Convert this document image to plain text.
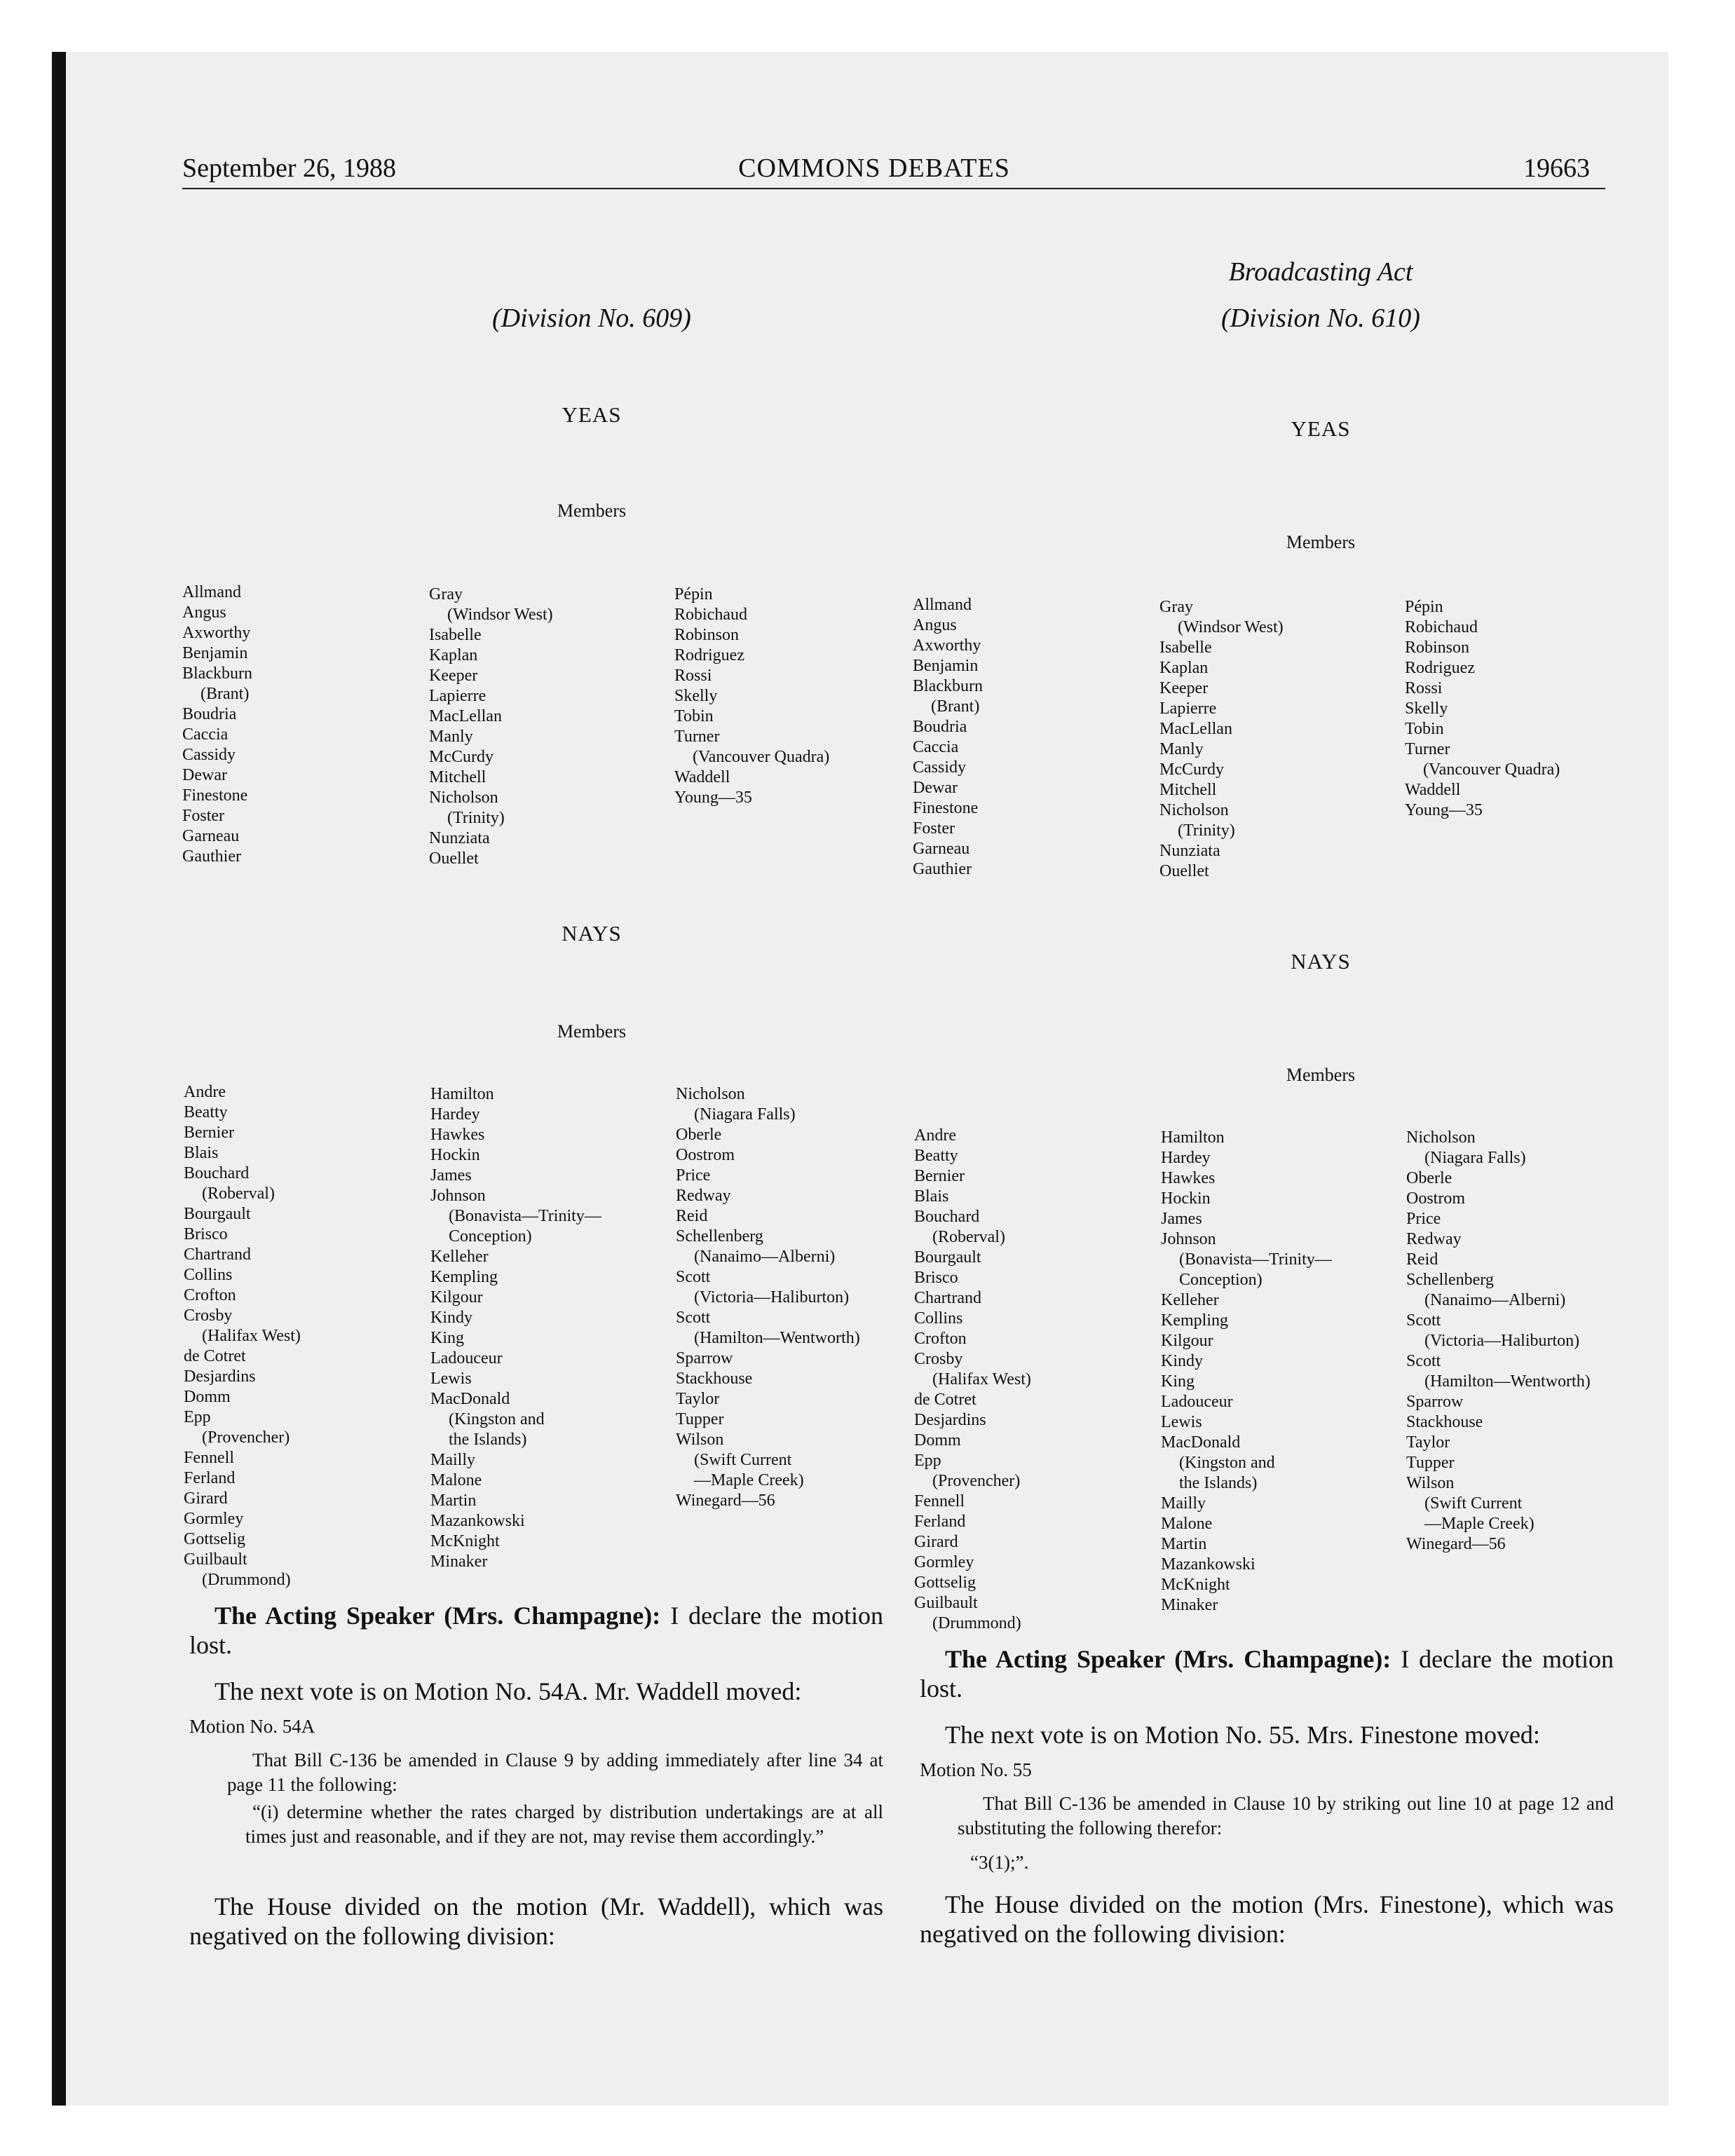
September 26, 1988	COMMONS DEBATES	19663
(Division No. 609)
YEAS
Members
Allmand
Angus
Axworthy
Benjamin
Blackburn
(Brant)
Boudria
Caccia
Cassidy
Dewar
Finestone
Foster
Garneau
Gauthier
Gray
(Windsor West)
Isabelle
Kaplan
Keeper
Lapierre
MacLellan
Manly
McCurdy
Mitchell
Nicholson
(Trinity)
Nunziata
Ouellet
Pépin
Robichaud
Robinson
Rodriguez
Rossi
Skelly
Tobin
Turner
(Vancouver Quadra)
Waddell
Young—35
NAYS
Members
Andre
Beatty
Bernier
Blais
Bouchard
(Roberval)
Bourgault
Brisco
Chartrand
Collins
Crofton
Crosby
(Halifax West)
de Cotret
Desjardins
Domm
Epp
(Provencher)
Fennell
Ferland
Girard
Gormley
Gottselig
Guilbault
(Drummond)
Hamilton
Hardey
Hawkes
Hockin
James
Johnson
(Bonavista—Trinity—
Conception)
Kelleher
Kempling
Kilgour
Kindy
King
Ladouceur
Lewis
MacDonald
(Kingston and
the Islands)
Mailly
Malone
Martin
Mazankowski
McKnight
Minaker
Nicholson
(Niagara Falls)
Oberle
Oostrom
Price
Redway
Reid
Schellenberg
(Nanaimo—Alberni)
Scott
(Victoria—Haliburton)
Scott
(Hamilton—Wentworth)
Sparrow
Stackhouse
Taylor
Tupper
Wilson
(Swift Current
—Maple Creek)
Winegard—56
The Acting Speaker (Mrs. Champagne): I declare the motion lost.
The next vote is on Motion No. 54A. Mr. Waddell moved:
Motion No. 54A
That Bill C-136 be amended in Clause 9 by adding immediately after line 34 at page 11 the following:
“(i) determine whether the rates charged by distribution undertakings are at all times just and reasonable, and if they are not, may revise them accordingly.”
The House divided on the motion (Mr. Waddell), which was negatived on the following division:
Broadcasting Act
(Division No. 610)
YEAS
Members
Allmand
Angus
Axworthy
Benjamin
Blackburn
(Brant)
Boudria
Caccia
Cassidy
Dewar
Finestone
Foster
Garneau
Gauthier
Gray
(Windsor West)
Isabelle
Kaplan
Keeper
Lapierre
MacLellan
Manly
McCurdy
Mitchell
Nicholson
(Trinity)
Nunziata
Ouellet
Pépin
Robichaud
Robinson
Rodriguez
Rossi
Skelly
Tobin
Turner
(Vancouver Quadra)
Waddell
Young—35
NAYS
Members
Andre
Beatty
Bernier
Blais
Bouchard
(Roberval)
Bourgault
Brisco
Chartrand
Collins
Crofton
Crosby
(Halifax West)
de Cotret
Desjardins
Domm
Epp
(Provencher)
Fennell
Ferland
Girard
Gormley
Gottselig
Guilbault
(Drummond)
Hamilton
Hardey
Hawkes
Hockin
James
Johnson
(Bonavista—Trinity—
Conception)
Kelleher
Kempling
Kilgour
Kindy
King
Ladouceur
Lewis
MacDonald
(Kingston and
the Islands)
Mailly
Malone
Martin
Mazankowski
McKnight
Minaker
Nicholson
(Niagara Falls)
Oberle
Oostrom
Price
Redway
Reid
Schellenberg
(Nanaimo—Alberni)
Scott
(Victoria—Haliburton)
Scott
(Hamilton—Wentworth)
Sparrow
Stackhouse
Taylor
Tupper
Wilson
(Swift Current
—Maple Creek)
Winegard—56
The Acting Speaker (Mrs. Champagne): I declare the motion lost.
The next vote is on Motion No. 55. Mrs. Finestone moved:
Motion No. 55
That Bill C-136 be amended in Clause 10 by striking out line 10 at page 12 and substituting the following therefor:
“3(1);”.
The House divided on the motion (Mrs. Finestone), which was negatived on the following division:
